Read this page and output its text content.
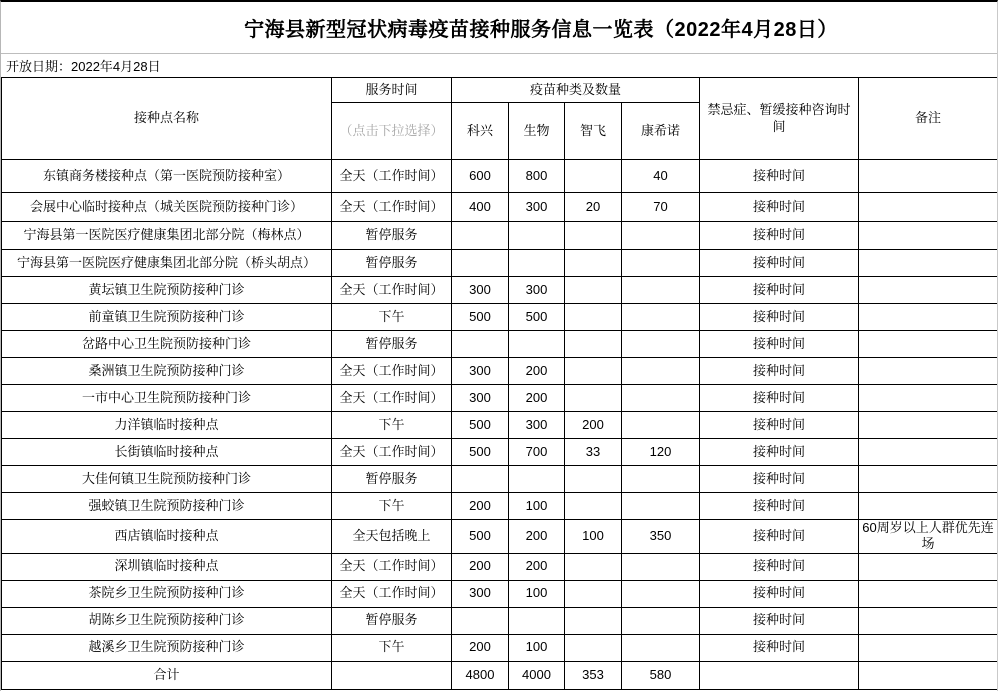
宁海县新型冠状病毒疫苗接种服务信息一览表（2022年4月28日）
开放日期：2022年4月28日
接种点名称	服务时间	疫苗种类及数量				禁忌症、暂缓接种咨询时间	备注
	（点击下拉选择）	科兴	生物	智飞	康希诺		
东镇商务楼接种点（第一医院预防接种室）	全天（工作时间）	600	800		40	接种时间	
会展中心临时接种点（城关医院预防接种门诊）	全天（工作时间）	400	300	20	70	接种时间	
宁海县第一医院医疗健康集团北部分院（梅林点）	暂停服务					接种时间	
宁海县第一医院医疗健康集团北部分院（桥头胡点）	暂停服务					接种时间	
黄坛镇卫生院预防接种门诊	全天（工作时间）	300	300			接种时间	
前童镇卫生院预防接种门诊	下午	500	500			接种时间	
岔路中心卫生院预防接种门诊	暂停服务					接种时间	
桑洲镇卫生院预防接种门诊	全天（工作时间）	300	200			接种时间	
一市中心卫生院预防接种门诊	全天（工作时间）	300	200			接种时间	
力洋镇临时接种点	下午	500	300	200		接种时间	
长街镇临时接种点	全天（工作时间）	500	700	33	120	接种时间	
大佳何镇卫生院预防接种门诊	暂停服务					接种时间	
强蛟镇卫生院预防接种门诊	下午	200	100			接种时间	
西店镇临时接种点	全天包括晚上	500	200	100	350	接种时间	60周岁以上人群优先连场
深圳镇临时接种点	全天（工作时间）	200	200			接种时间	
茶院乡卫生院预防接种门诊	全天（工作时间）	300	100			接种时间	
胡陈乡卫生院预防接种门诊	暂停服务					接种时间	
越溪乡卫生院预防接种门诊	下午	200	100			接种时间	
合计		4800	4000	353	580		
